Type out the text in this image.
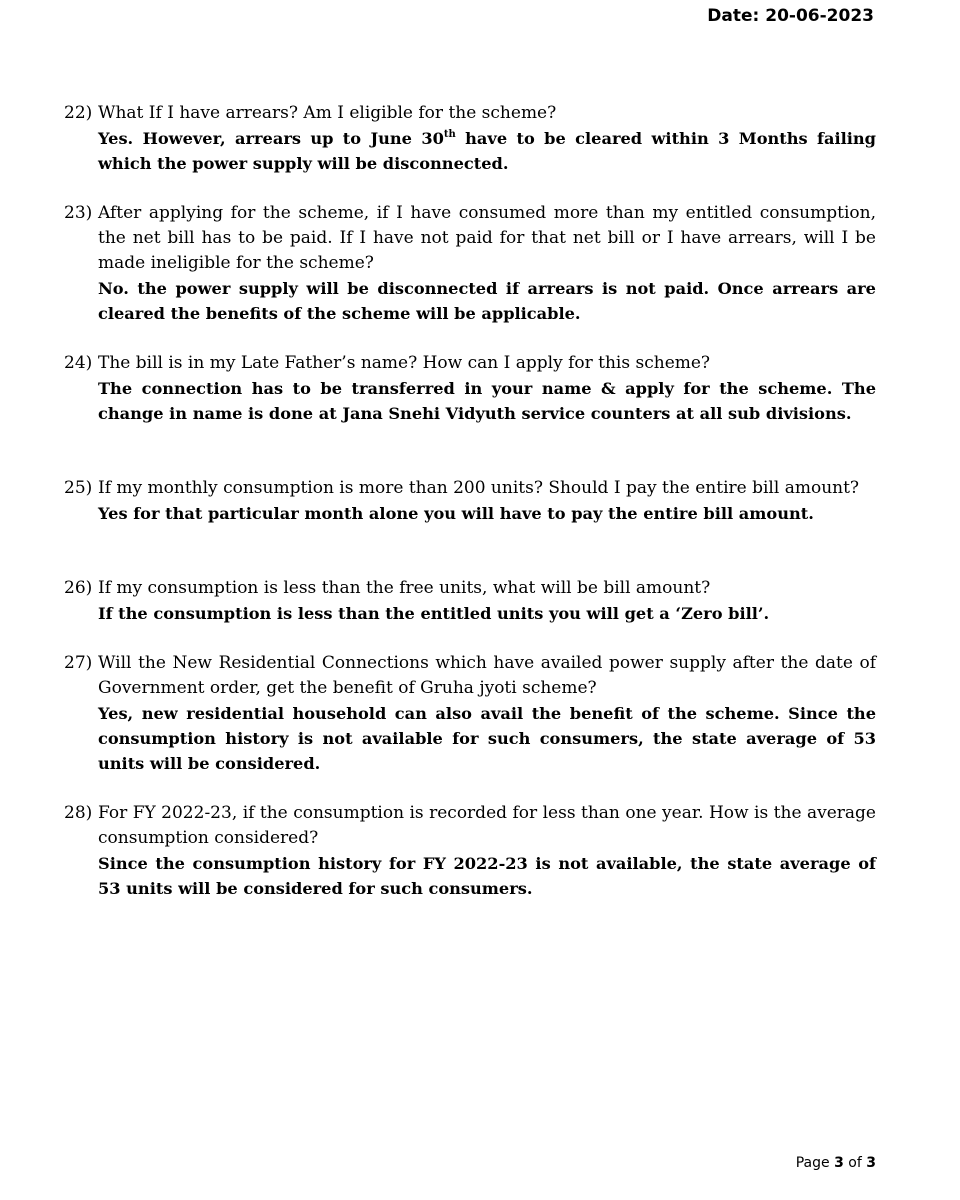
Date: 20-06-2023
22) What If I have arrears? Am I eligible for the scheme?
Yes. However, arrears up to June 30th have to be cleared within 3 Months failing which the power supply will be disconnected.
23) After applying for the scheme, if I have consumed more than my entitled consumption, the net bill has to be paid. If I have not paid for that net bill or I have arrears, will I be made ineligible for the scheme?
No. the power supply will be disconnected if arrears is not paid. Once arrears are cleared the benefits of the scheme will be applicable.
24) The bill is in my Late Father’s name? How can I apply for this scheme?
The connection has to be transferred in your name & apply for the scheme. The change in name is done at Jana Snehi Vidyuth service counters at all sub divisions.
25) If my monthly consumption is more than 200 units? Should I pay the entire bill amount?
Yes for that particular month alone you will have to pay the entire bill amount.
26) If my consumption is less than the free units, what will be bill amount?
If the consumption is less than the entitled units you will get a ‘Zero bill’.
27) Will the New Residential Connections which have availed power supply after the date of Government order, get the benefit of Gruha jyoti scheme?
Yes, new residential household can also avail the benefit of the scheme. Since the consumption history is not available for such consumers, the state average of 53 units will be considered.
28) For FY 2022-23, if the consumption is recorded for less than one year. How is the average consumption considered?
Since the consumption history for FY 2022-23 is not available, the state average of 53 units will be considered for such consumers.
Page 3 of 3
